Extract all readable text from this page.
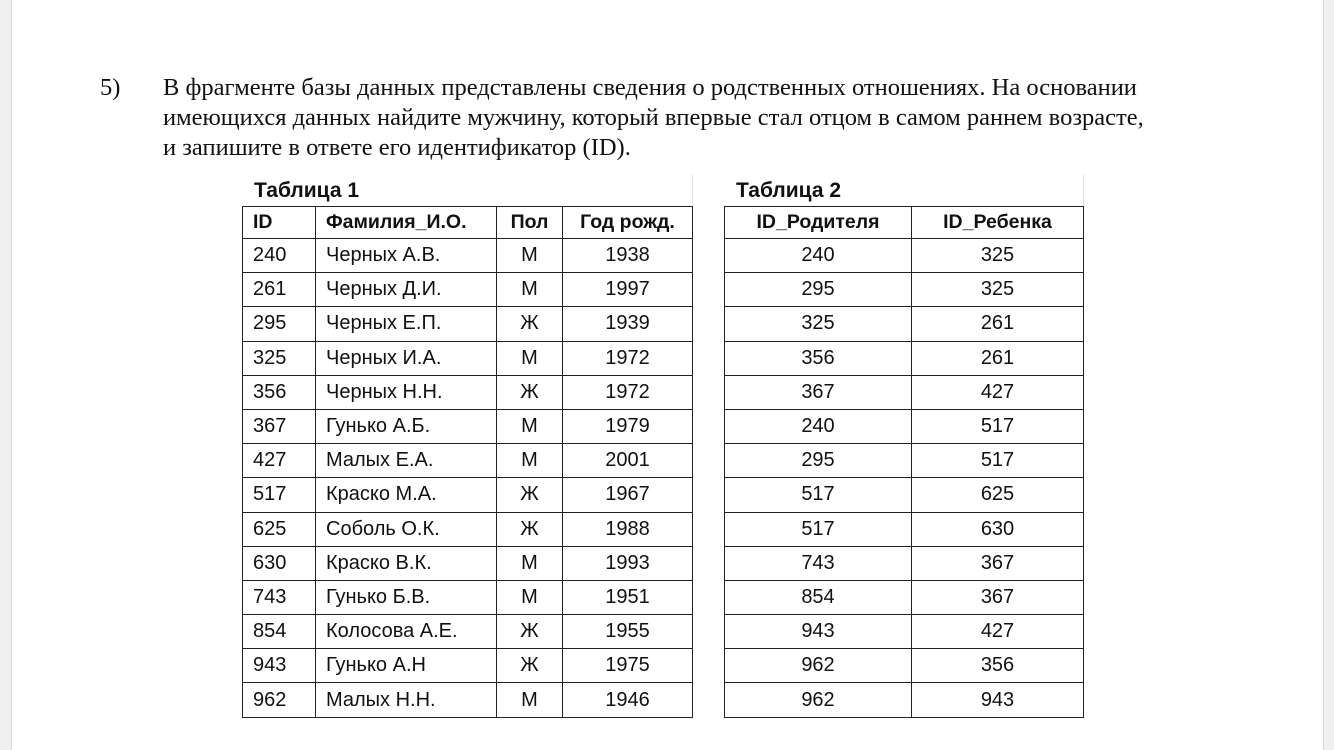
5) В фрагменте базы данных представлены сведения о родственных отношениях. На основании
имеющихся данных найдите мужчину, который впервые стал отцом в самом раннем возрасте,
и запишите в ответе его идентификатор (ID).
Таблица 1
ID	Фамилия_И.О.	Пол	Год рожд.
240	Черных А.В.	М	1938
261	Черных Д.И.	М	1997
295	Черных Е.П.	Ж	1939
325	Черных И.А.	М	1972
356	Черных Н.Н.	Ж	1972
367	Гунько А.Б.	М	1979
427	Малых Е.А.	М	2001
517	Краско М.А.	Ж	1967
625	Соболь О.К.	Ж	1988
630	Краско В.К.	М	1993
743	Гунько Б.В.	М	1951
854	Колосова А.Е.	Ж	1955
943	Гунько А.Н	Ж	1975
962	Малых Н.Н.	М	1946
Таблица 2
ID_Родителя	ID_Ребенка
240	325
295	325
325	261
356	261
367	427
240	517
295	517
517	625
517	630
743	367
854	367
943	427
962	356
962	943
